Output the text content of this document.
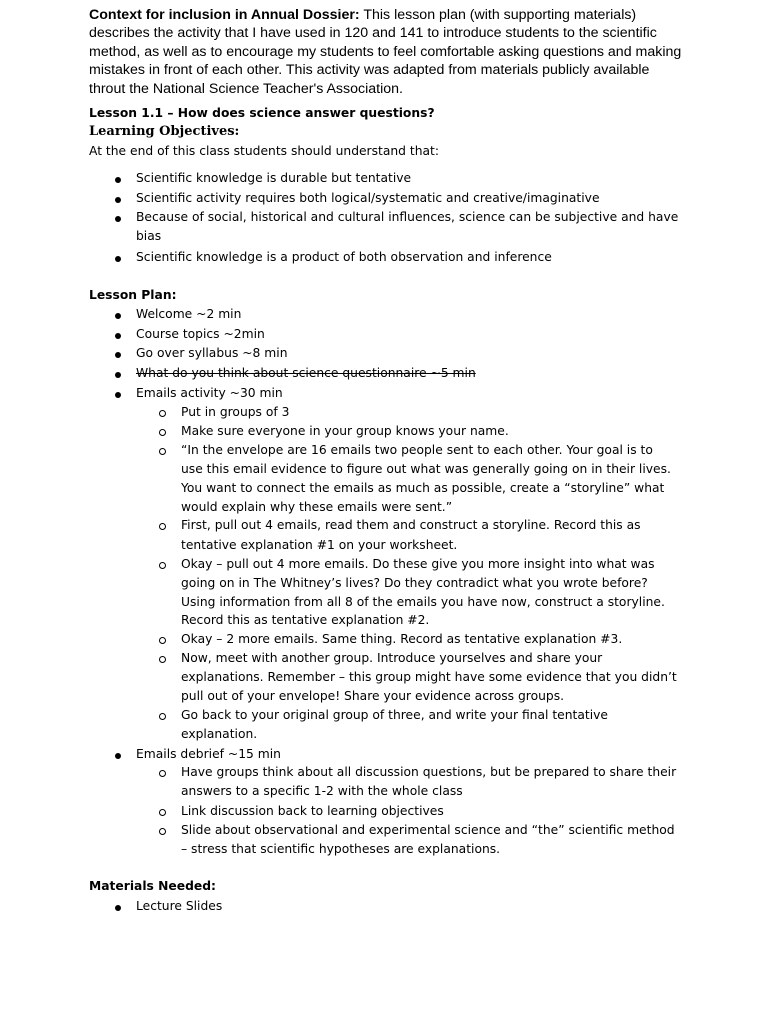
Context for inclusion in Annual Dossier: This lesson plan (with supporting materials) describes the activity that I have used in 120 and 141 to introduce students to the scientific method, as well as to encourage my students to feel comfortable asking questions and making mistakes in front of each other. This activity was adapted from materials publicly available throut the National Science Teacher's Association.
Lesson 1.1 – How does science answer questions?
Learning Objectives:
At the end of this class students should understand that:
Scientific knowledge is durable but tentative
Scientific activity requires both logical/systematic and creative/imaginative
Because of social, historical and cultural influences, science can be subjective and have
bias
Scientific knowledge is a product of both observation and inference
Lesson Plan:
Welcome ~2 min
Course topics ~2min
Go over syllabus ~8 min
What do you think about science questionnaire ~5 min
Emails activity ~30 min
Put in groups of 3
Make sure everyone in your group knows your name.
“In the envelope are 16 emails two people sent to each other. Your goal is to
use this email evidence to figure out what was generally going on in their lives.
You want to connect the emails as much as possible, create a “storyline” what
would explain why these emails were sent.”
First, pull out 4 emails, read them and construct a storyline. Record this as
tentative explanation #1 on your worksheet.
Okay – pull out 4 more emails. Do these give you more insight into what was
going on in The Whitney’s lives? Do they contradict what you wrote before?
Using information from all 8 of the emails you have now, construct a storyline.
Record this as tentative explanation #2.
Okay – 2 more emails. Same thing. Record as tentative explanation #3.
Now, meet with another group. Introduce yourselves and share your
explanations. Remember – this group might have some evidence that you didn’t
pull out of your envelope! Share your evidence across groups.
Go back to your original group of three, and write your final tentative
explanation.
Emails debrief ~15 min
Have groups think about all discussion questions, but be prepared to share their
answers to a specific 1-2 with the whole class
Link discussion back to learning objectives
Slide about observational and experimental science and “the” scientific method
– stress that scientific hypotheses are explanations.
Materials Needed:
Lecture Slides
